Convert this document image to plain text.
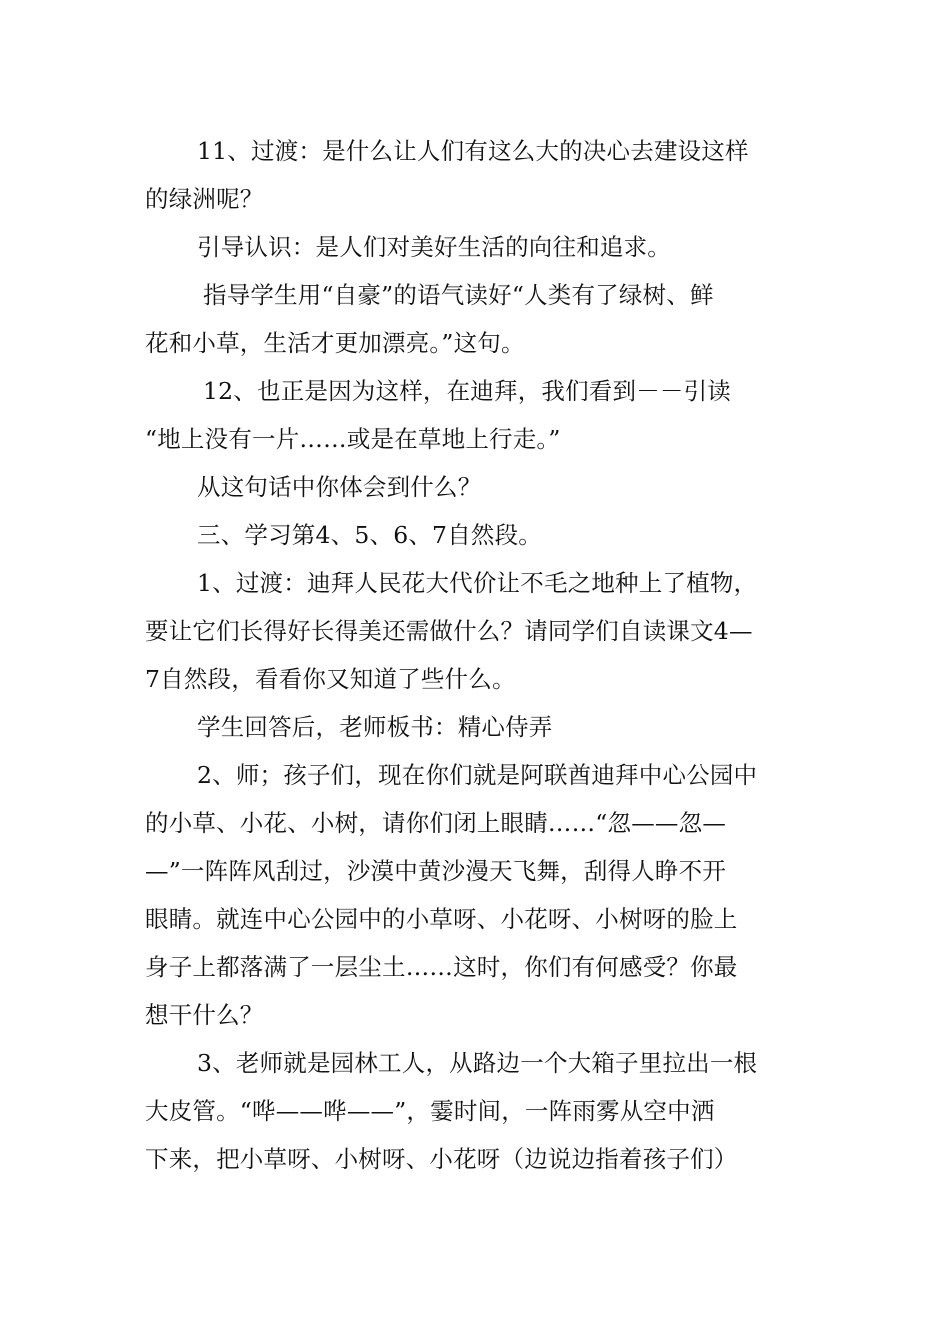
11、过渡：是什么让人们有这么大的决心去建设这样
的绿洲呢？

引导认识：是人们对美好生活的向往和追求。

指导学生用“自豪”的语气读好“人类有了绿树、鲜
花和小草，生活才更加漂亮。”这句。

12、也正是因为这样，在迪拜，我们看到－－引读
“地上没有一片……或是在草地上行走。”

从这句话中你体会到什么？

三、学习第4、5、6、7自然段。

1、过渡：迪拜人民花大代价让不毛之地种上了植物，
要让它们长得好长得美还需做什么？请同学们自读课文4—
7自然段，看看你又知道了些什么。

学生回答后，老师板书：精心侍弄

2、师；孩子们，现在你们就是阿联酋迪拜中心公园中
的小草、小花、小树，请你们闭上眼睛……“忽——忽—
—”一阵阵风刮过，沙漠中黄沙漫天飞舞，刮得人睁不开
眼睛。就连中心公园中的小草呀、小花呀、小树呀的脸上
身子上都落满了一层尘土……这时，你们有何感受？你最
想干什么？

3、老师就是园林工人，从路边一个大箱子里拉出一根
大皮管。“哗——哗——”，霎时间，一阵雨雾从空中洒
下来，把小草呀、小树呀、小花呀（边说边指着孩子们）
